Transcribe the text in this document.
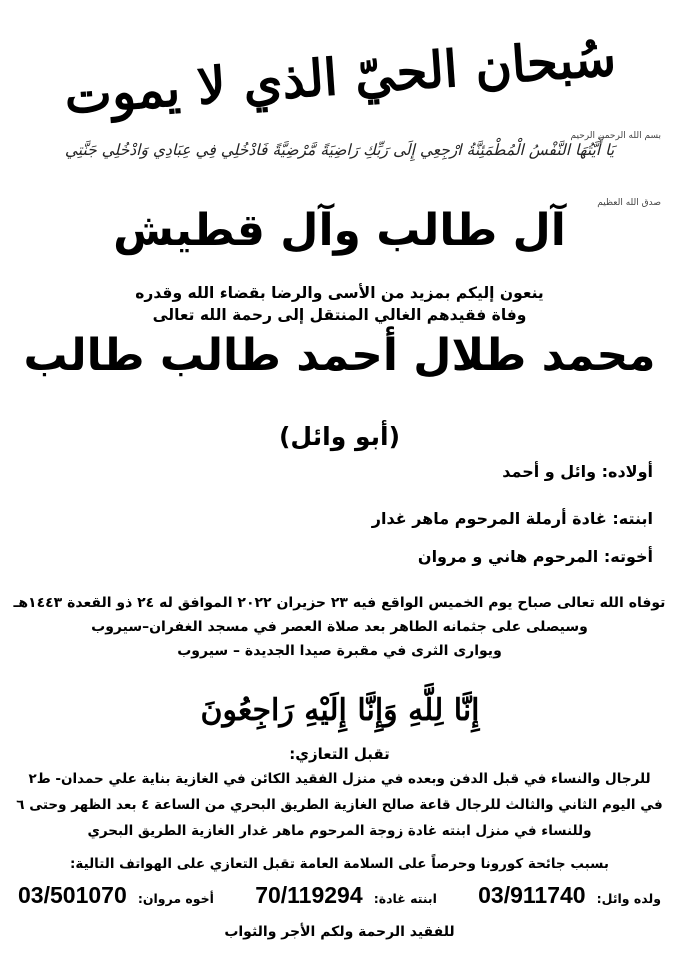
سُبحان الحيّ الذي لا يموت
بسم الله الرحمن الرحيم
يَا أَيَّتُهَا النَّفْسُ الْمُطْمَئِنَّةُ ارْجِعِي إِلَى رَبِّكِ رَاضِيَةً مَّرْضِيَّةً فَادْخُلِي فِي عِبَادِي وَادْخُلِي جَنَّتِي
صدق الله العظيم
آل طالب وآل قطيش
ينعون إليكم بمزيد من الأسى والرضا بقضاء الله وقدره
وفاة فقيدهم الغالي المنتقل إلى رحمة الله تعالى
محمد طلال أحمد طالب طالب
(أبو وائل)
أولاده: وائل و أحمد
ابنته: غادة أرملة المرحوم ماهر غدار
أخوته: المرحوم هاني و مروان
توفاه الله تعالى صباح يوم الخميس الواقع فيه ٢٣ حزيران ٢٠٢٢ الموافق له ٢٤ ذو القعدة ١٤٤٣هـ
وسيصلى على جثمانه الطاهر بعد صلاة العصر في مسجد الغفران–سيروب
ويوارى الثرى في مقبرة صيدا الجديدة – سيروب
إِنَّا لِلَّهِ وَإِنَّا إِلَيْهِ رَاجِعُونَ
تقبل التعازي:
للرجال والنساء في قبل الدفن وبعده في منزل الفقيد الكائن في الغازية بناية علي حمدان- ط٢
في اليوم الثاني والثالث للرجال قاعة صالح الغازية الطريق البحري من الساعة ٤ بعد الظهر وحتى ٦
وللنساء في منزل ابنته غادة زوجة المرحوم ماهر غدار الغازية الطريق البحري
بسبب جائحة كورونا وحرصاً على السلامة العامة تقبل التعازي على الهواتف التالية:
ولده وائل: 03/911740
ابنته غادة: 70/119294
أخوه مروان: 03/501070
للفقيد الرحمة ولكم الأجر والثواب
